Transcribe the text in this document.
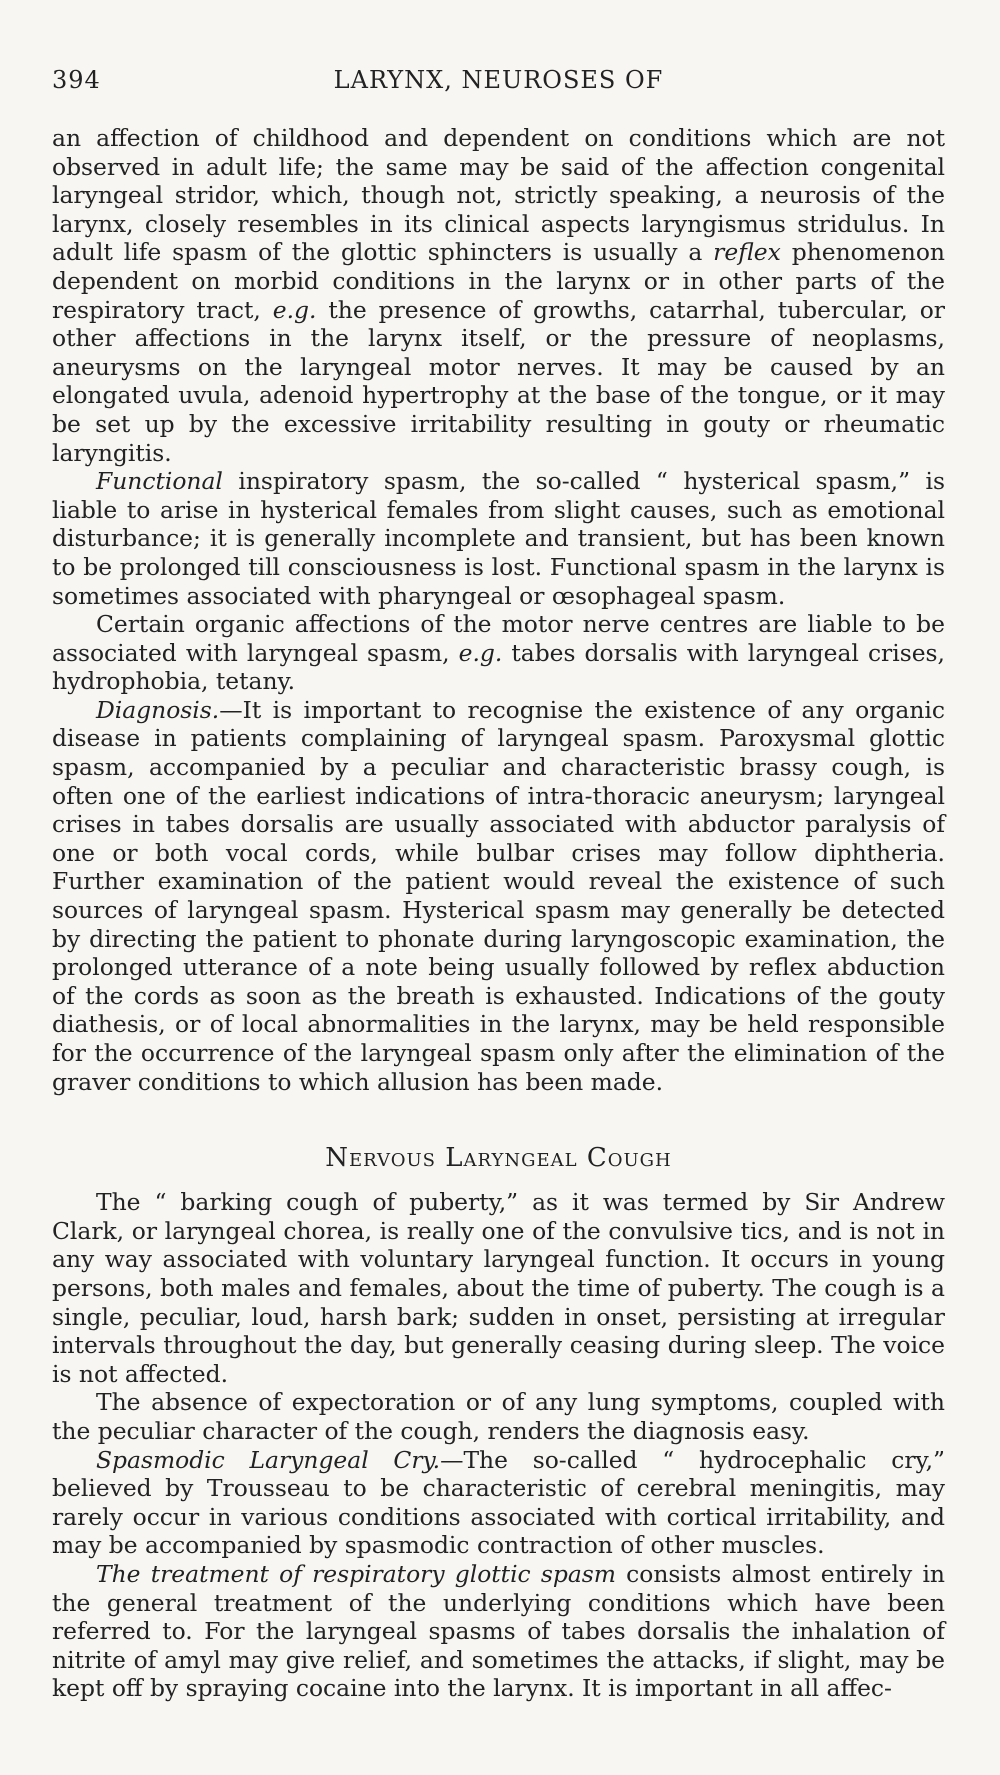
394	LARYNX, NEUROSES OF

an affection of childhood and dependent on conditions which are not observed in adult life; the same may be said of the affection congenital laryngeal stridor, which, though not, strictly speaking, a neurosis of the larynx, closely resembles in its clinical aspects laryngismus stridulus. In adult life spasm of the glottic sphincters is usually a reflex phenomenon dependent on morbid conditions in the larynx or in other parts of the respiratory tract, e.g. the presence of growths, catarrhal, tubercular, or other affections in the larynx itself, or the pressure of neoplasms, aneurysms on the laryngeal motor nerves. It may be caused by an elongated uvula, adenoid hypertrophy at the base of the tongue, or it may be set up by the excessive irritability resulting in gouty or rheumatic laryngitis.

Functional inspiratory spasm, the so-called “ hysterical spasm,” is liable to arise in hysterical females from slight causes, such as emotional disturbance; it is generally incomplete and transient, but has been known to be prolonged till consciousness is lost. Functional spasm in the larynx is sometimes associated with pharyngeal or œsophageal spasm.

Certain organic affections of the motor nerve centres are liable to be associated with laryngeal spasm, e.g. tabes dorsalis with laryngeal crises, hydrophobia, tetany.

Diagnosis.—It is important to recognise the existence of any organic disease in patients complaining of laryngeal spasm. Paroxysmal glottic spasm, accompanied by a peculiar and characteristic brassy cough, is often one of the earliest indications of intra-thoracic aneurysm; laryngeal crises in tabes dorsalis are usually associated with abductor paralysis of one or both vocal cords, while bulbar crises may follow diphtheria. Further examination of the patient would reveal the existence of such sources of laryngeal spasm. Hysterical spasm may generally be detected by directing the patient to phonate during laryngoscopic examination, the prolonged utterance of a note being usually followed by reflex abduction of the cords as soon as the breath is exhausted. Indications of the gouty diathesis, or of local abnormalities in the larynx, may be held responsible for the occurrence of the laryngeal spasm only after the elimination of the graver conditions to which allusion has been made.

Nervous Laryngeal Cough

The “ barking cough of puberty,” as it was termed by Sir Andrew Clark, or laryngeal chorea, is really one of the convulsive tics, and is not in any way associated with voluntary laryngeal function. It occurs in young persons, both males and females, about the time of puberty. The cough is a single, peculiar, loud, harsh bark; sudden in onset, persisting at irregular intervals throughout the day, but generally ceasing during sleep. The voice is not affected.

The absence of expectoration or of any lung symptoms, coupled with the peculiar character of the cough, renders the diagnosis easy.

Spasmodic Laryngeal Cry.—The so-called “ hydrocephalic cry,” believed by Trousseau to be characteristic of cerebral meningitis, may rarely occur in various conditions associated with cortical irritability, and may be accompanied by spasmodic contraction of other muscles.

The treatment of respiratory glottic spasm consists almost entirely in the general treatment of the underlying conditions which have been referred to. For the laryngeal spasms of tabes dorsalis the inhalation of nitrite of amyl may give relief, and sometimes the attacks, if slight, may be kept off by spraying cocaine into the larynx. It is important in all affec-
